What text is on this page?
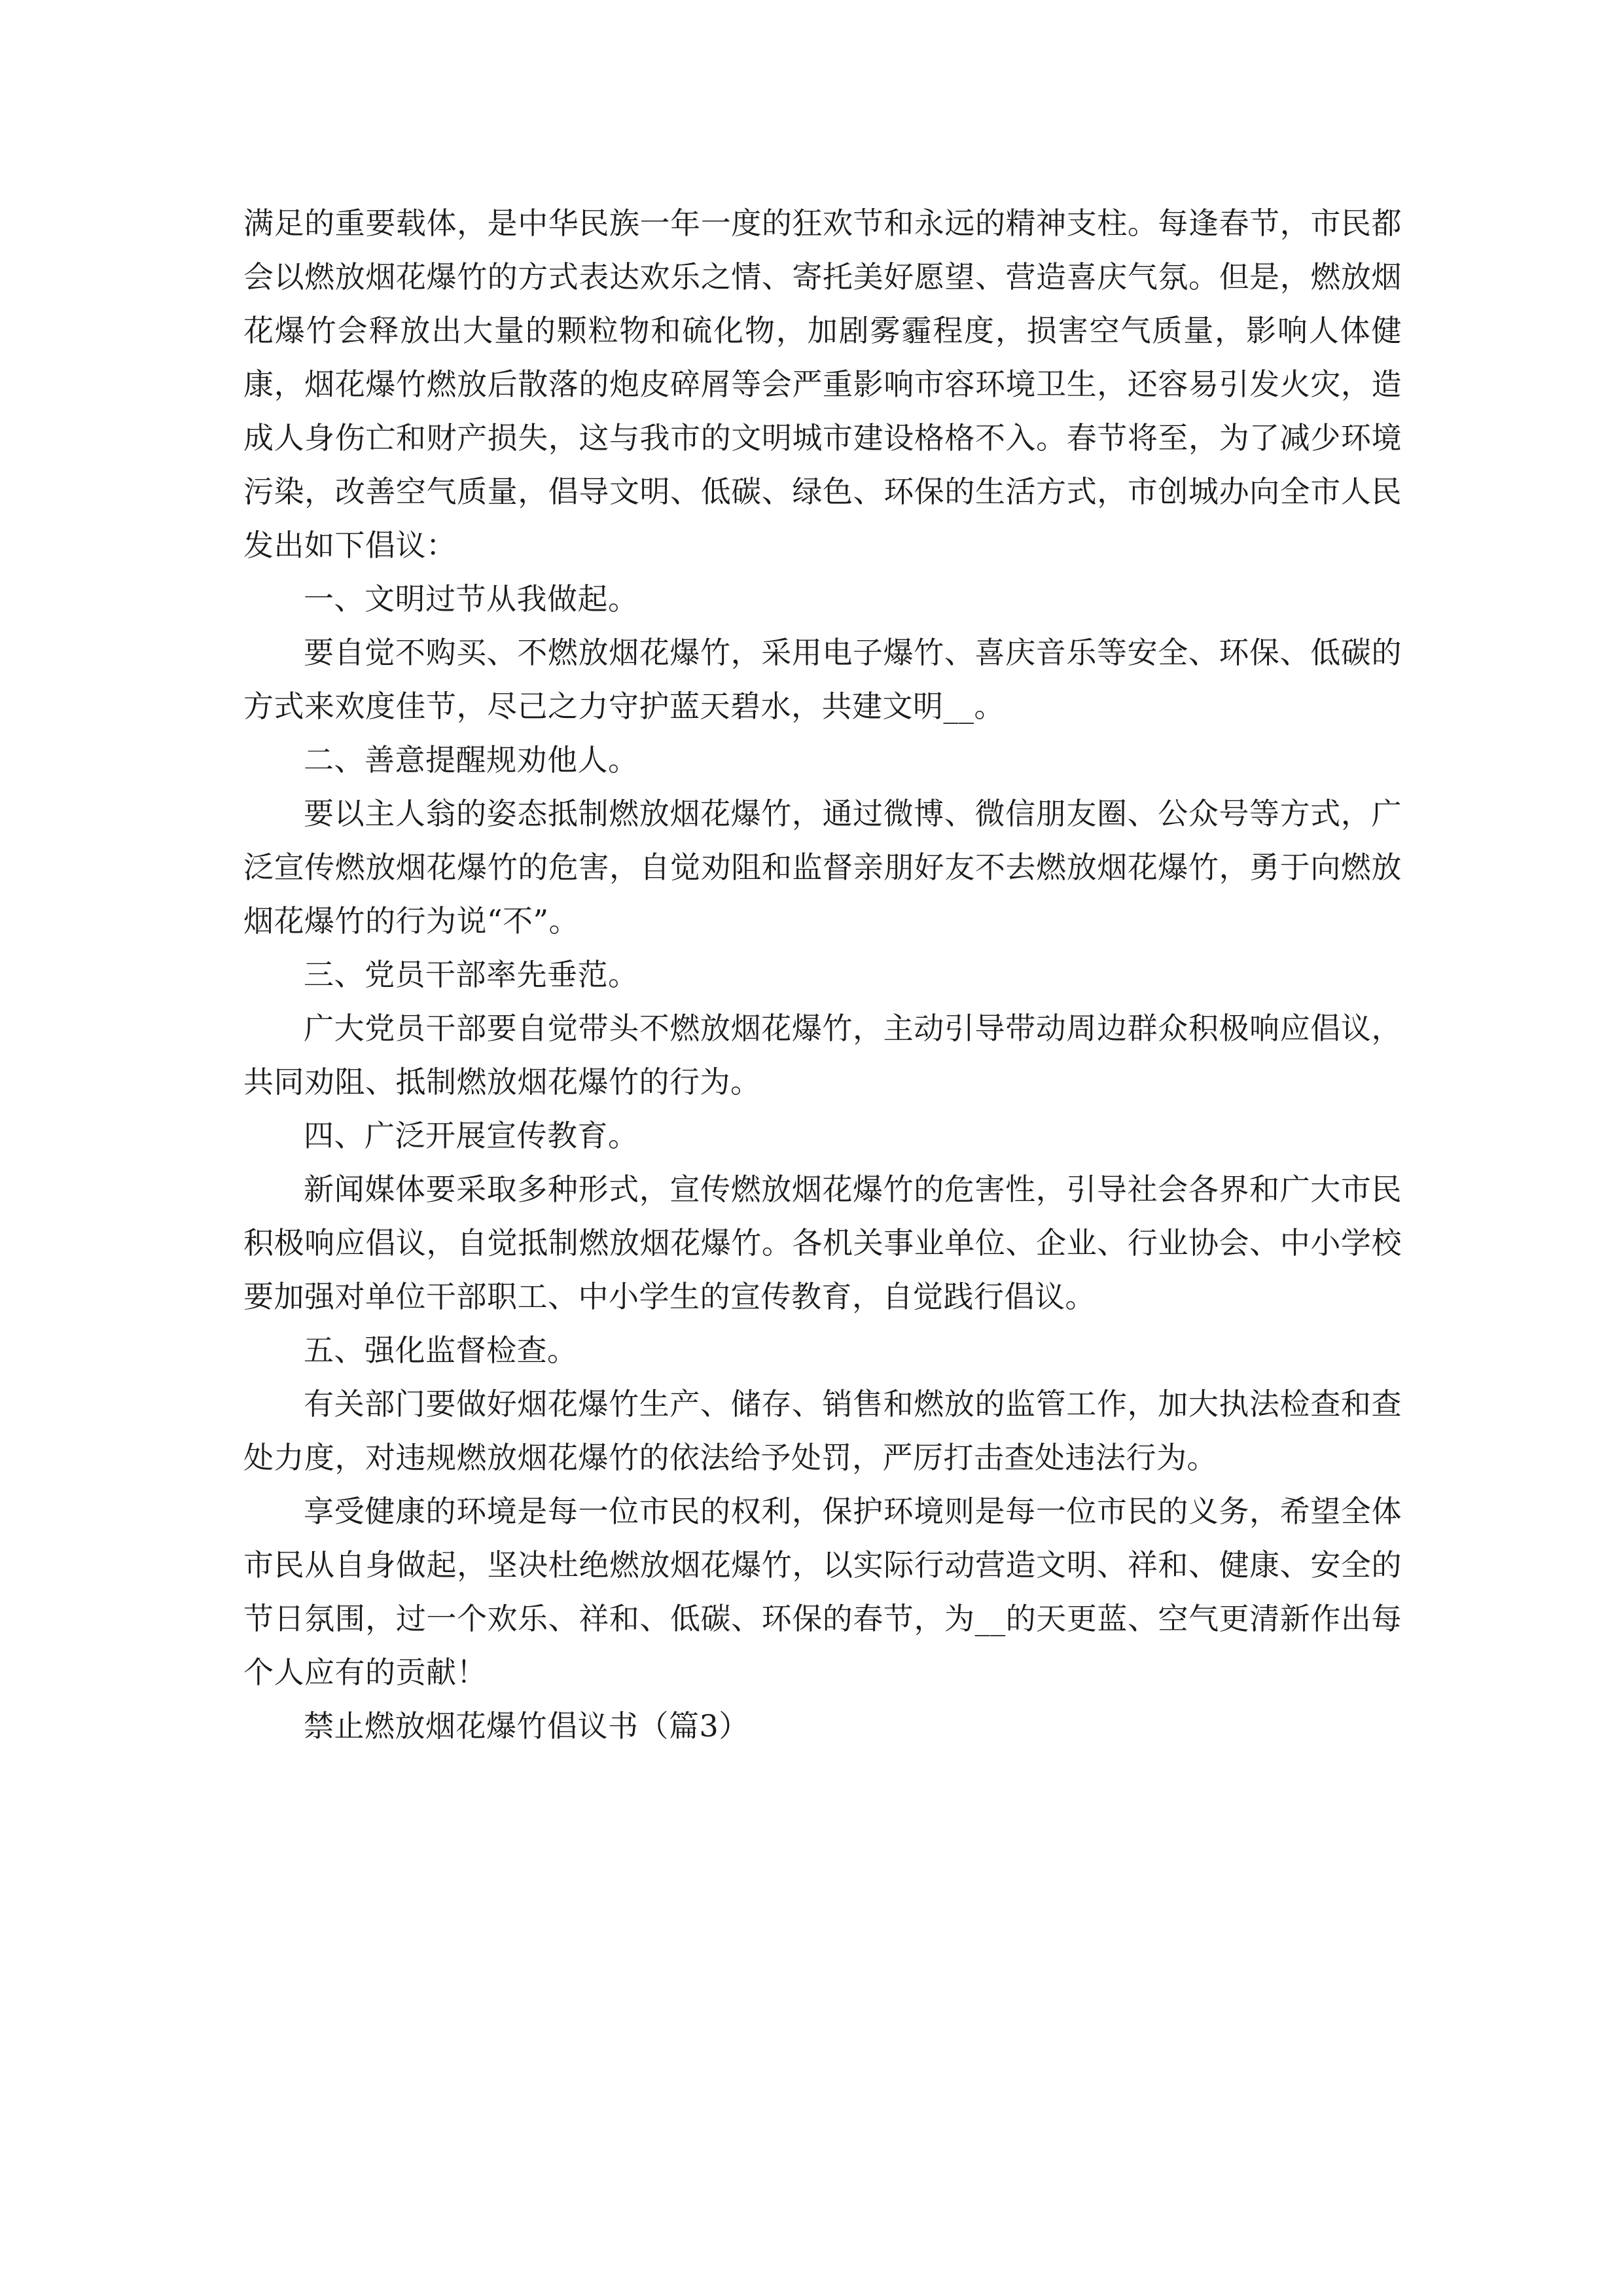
满足的重要载体，是中华民族一年一度的狂欢节和永远的精神支柱。每逢春节，市民都会以燃放烟花爆竹的方式表达欢乐之情、寄托美好愿望、营造喜庆气氛。但是，燃放烟花爆竹会释放出大量的颗粒物和硫化物，加剧雾霾程度，损害空气质量，影响人体健康，烟花爆竹燃放后散落的炮皮碎屑等会严重影响市容环境卫生，还容易引发火灾，造成人身伤亡和财产损失，这与我市的文明城市建设格格不入。春节将至，为了减少环境污染，改善空气质量，倡导文明、低碳、绿色、环保的生活方式，市创城办向全市人民发出如下倡议：

一、文明过节从我做起。

要自觉不购买、不燃放烟花爆竹，采用电子爆竹、喜庆音乐等安全、环保、低碳的方式来欢度佳节，尽己之力守护蓝天碧水，共建文明__。

二、善意提醒规劝他人。

要以主人翁的姿态抵制燃放烟花爆竹，通过微博、微信朋友圈、公众号等方式，广泛宣传燃放烟花爆竹的危害，自觉劝阻和监督亲朋好友不去燃放烟花爆竹，勇于向燃放烟花爆竹的行为说“不”。

三、党员干部率先垂范。

广大党员干部要自觉带头不燃放烟花爆竹，主动引导带动周边群众积极响应倡议，共同劝阻、抵制燃放烟花爆竹的行为。

四、广泛开展宣传教育。

新闻媒体要采取多种形式，宣传燃放烟花爆竹的危害性，引导社会各界和广大市民积极响应倡议，自觉抵制燃放烟花爆竹。各机关事业单位、企业、行业协会、中小学校要加强对单位干部职工、中小学生的宣传教育，自觉践行倡议。

五、强化监督检查。

有关部门要做好烟花爆竹生产、储存、销售和燃放的监管工作，加大执法检查和查处力度，对违规燃放烟花爆竹的依法给予处罚，严厉打击查处违法行为。

享受健康的环境是每一位市民的权利，保护环境则是每一位市民的义务，希望全体市民从自身做起，坚决杜绝燃放烟花爆竹，以实际行动营造文明、祥和、健康、安全的节日氛围，过一个欢乐、祥和、低碳、环保的春节，为__的天更蓝、空气更清新作出每个人应有的贡献！

禁止燃放烟花爆竹倡议书（篇3）
